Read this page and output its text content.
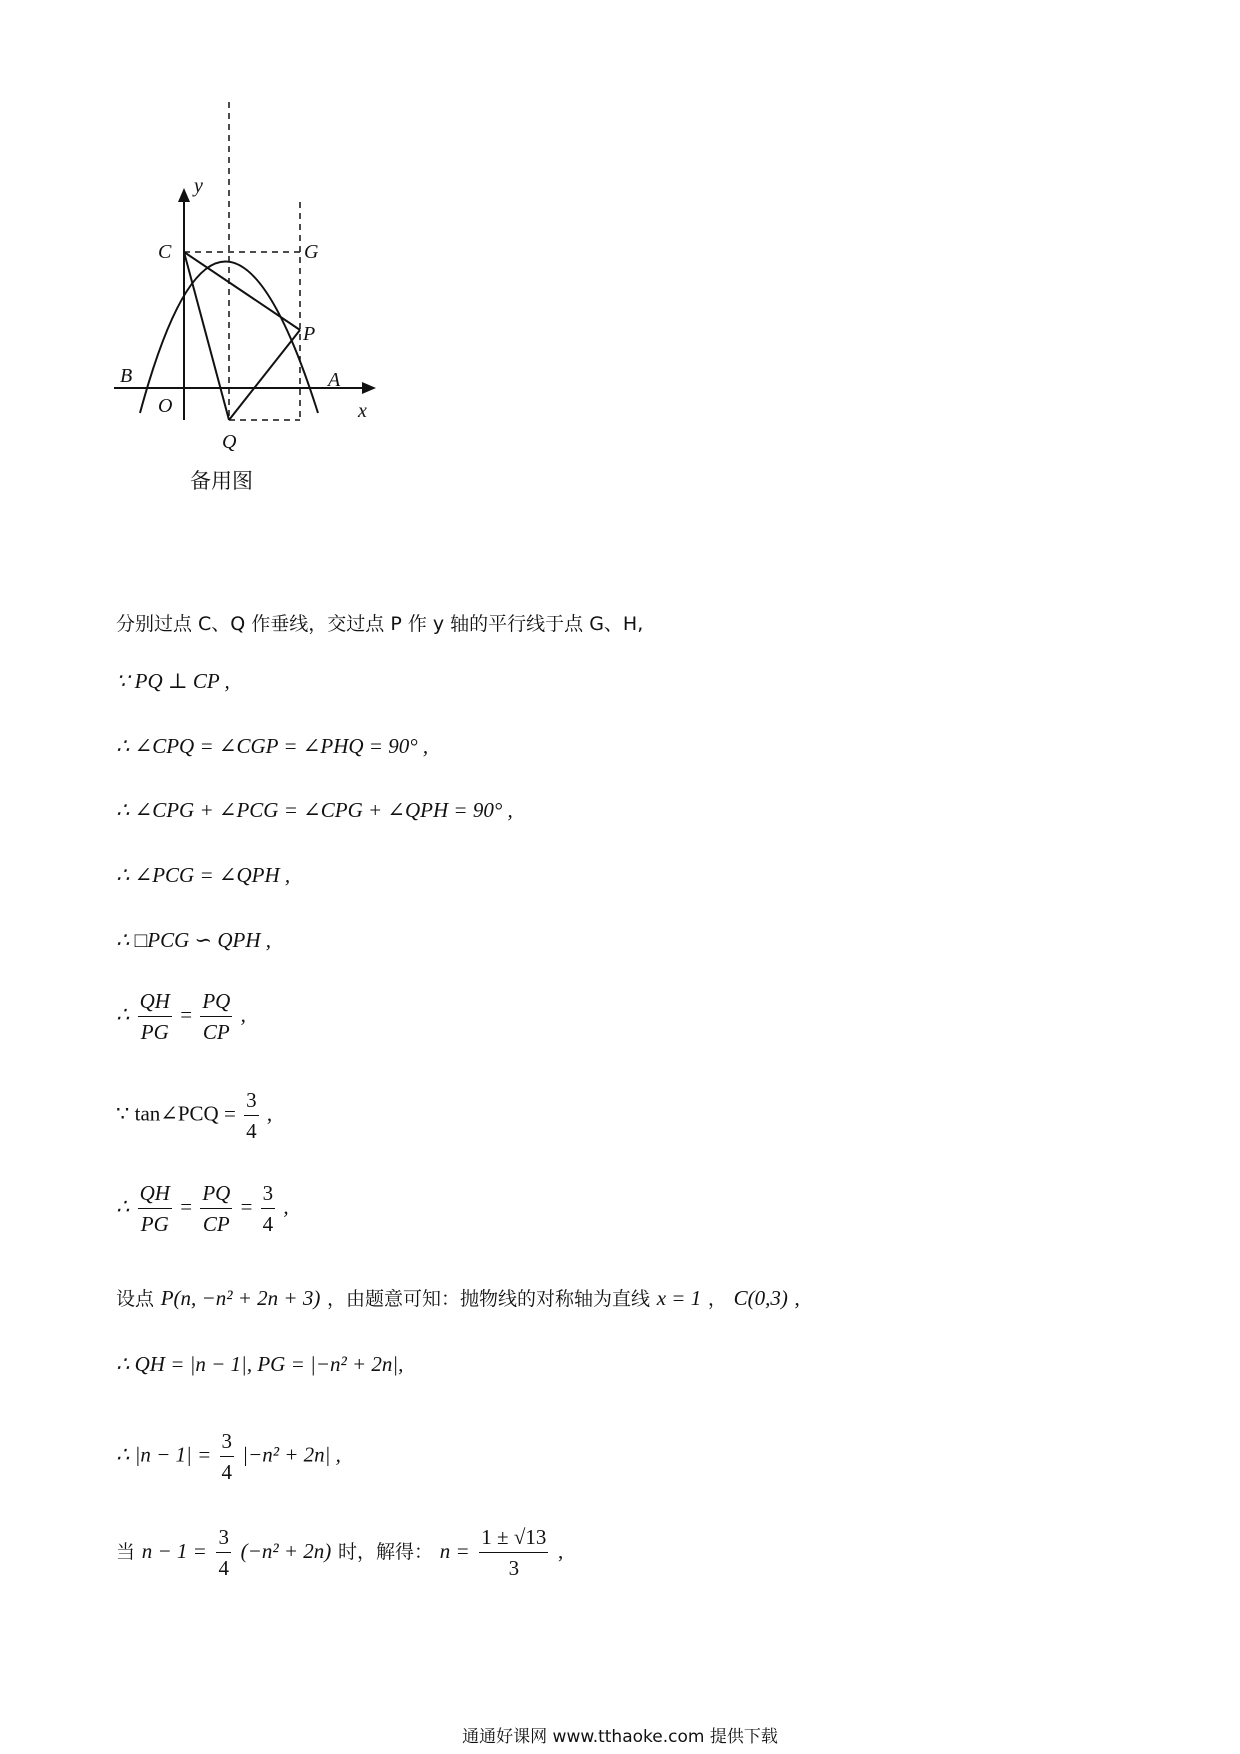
y
x
C	G
P
B	A
O
Q
备用图
分别过点 C、Q 作垂线，交过点 P 作 y 轴的平行线于点 G、H,
∵ PQ ⊥ CP ,
∴ ∠CPQ = ∠CGP = ∠PHQ = 90° ,
∴ ∠CPG + ∠PCG = ∠CPG + ∠QPH = 90° ,
∴ ∠PCG = ∠QPH ,
∴ □PCG ∽ QPH ,
∴ $\frac{QH}{PG} = \frac{PQ}{CP}$ ,
∵ tan∠PCQ = $\frac{3}{4}$ ,
∴ $\frac{QH}{PG} = \frac{PQ}{CP} = \frac{3}{4}$ ,
设点 P(n, −n² + 2n + 3) ，由题意可知：抛物线的对称轴为直线 x = 1 ， C(0,3) ,
∴ QH = |n − 1|, PG = |−n² + 2n|,
∴ $|n - 1| = \frac{3}{4} |-n^2 + 2n|$ ,
当 $n - 1 = \frac{3}{4} (-n^2 + 2n)$ 时，解得： $n = \frac{1 \pm √13}{3}$ ,
通通好课网 www.tthaoke.com 提供下载
